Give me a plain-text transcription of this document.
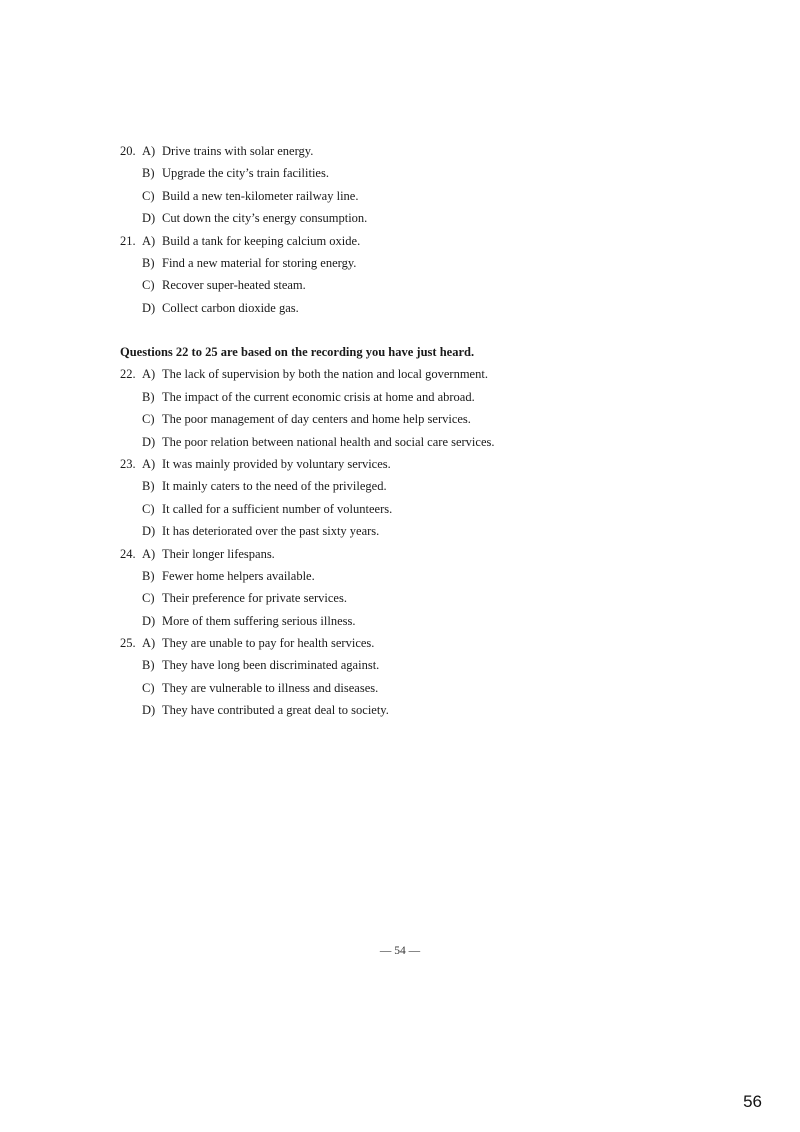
20. A) Drive trains with solar energy.
B) Upgrade the city’s train facilities.
C) Build a new ten-kilometer railway line.
D) Cut down the city’s energy consumption.
21. A) Build a tank for keeping calcium oxide.
B) Find a new material for storing energy.
C) Recover super-heated steam.
D) Collect carbon dioxide gas.
Questions 22 to 25 are based on the recording you have just heard.
22. A) The lack of supervision by both the nation and local government.
B) The impact of the current economic crisis at home and abroad.
C) The poor management of day centers and home help services.
D) The poor relation between national health and social care services.
23. A) It was mainly provided by voluntary services.
B) It mainly caters to the need of the privileged.
C) It called for a sufficient number of volunteers.
D) It has deteriorated over the past sixty years.
24. A) Their longer lifespans.
B) Fewer home helpers available.
C) Their preference for private services.
D) More of them suffering serious illness.
25. A) They are unable to pay for health services.
B) They have long been discriminated against.
C) They are vulnerable to illness and diseases.
D) They have contributed a great deal to society.
— 54 —
56
